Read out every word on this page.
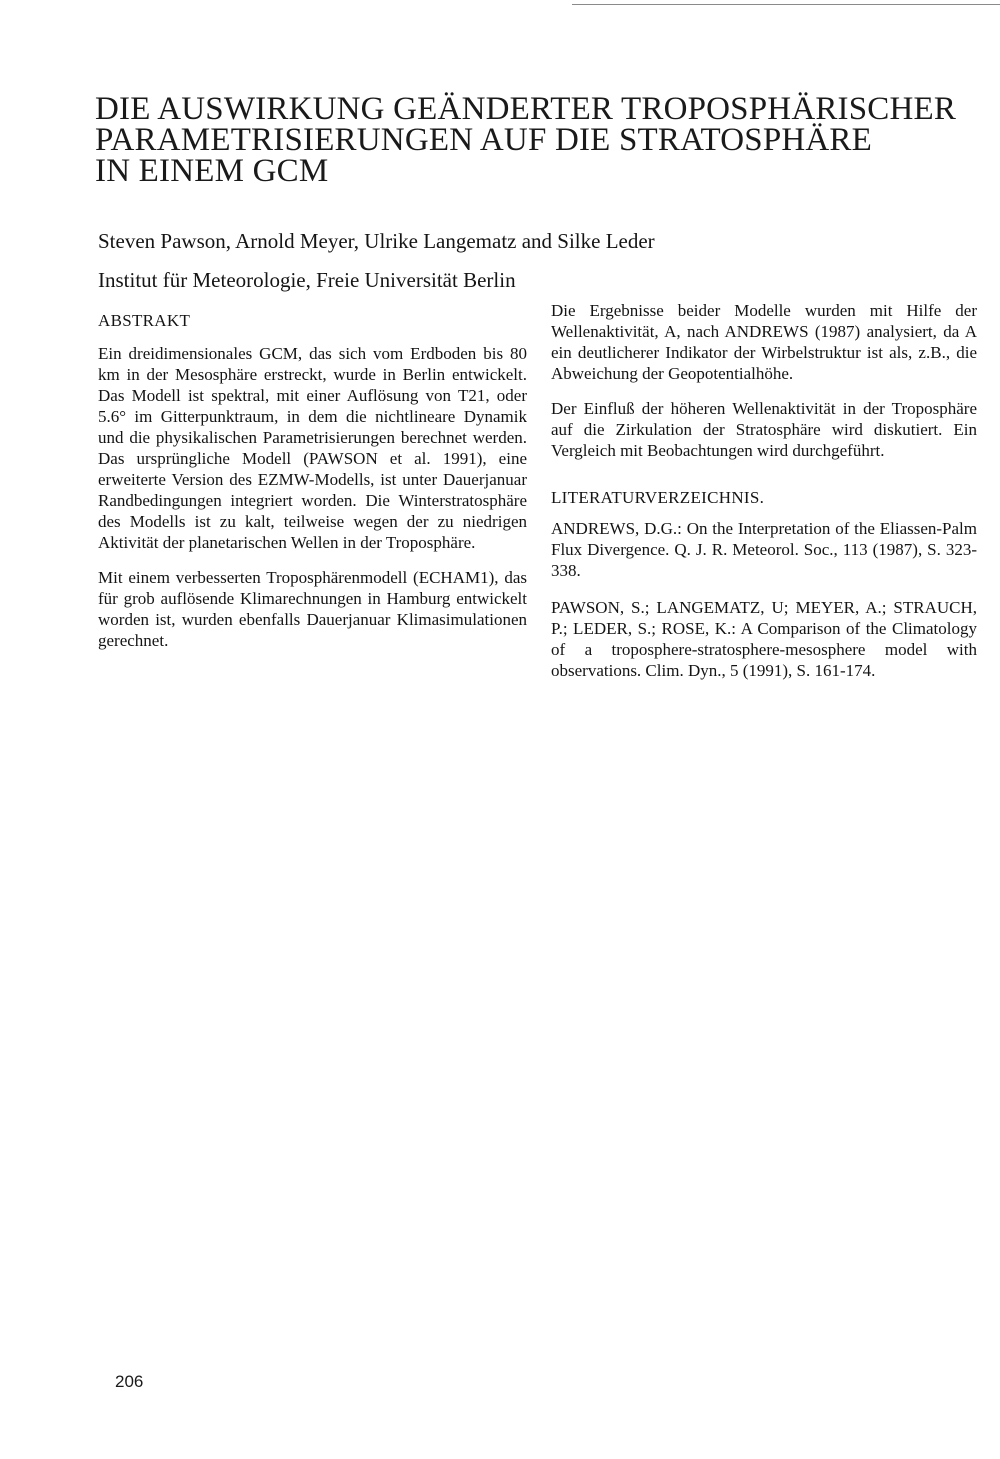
DIE AUSWIRKUNG GEÄNDERTER TROPOSPHÄRISCHER
PARAMETRISIERUNGEN AUF DIE STRATOSPHÄRE
IN EINEM GCM
Steven Pawson, Arnold Meyer, Ulrike Langematz and Silke Leder
Institut für Meteorologie, Freie Universität Berlin
ABSTRAKT

Ein dreidimensionales GCM, das sich vom Erdboden bis 80 km in der Mesosphäre erstreckt, wurde in Berlin entwickelt. Das Modell ist spektral, mit einer Auflösung von T21, oder 5.6° im Gitterpunktraum, in dem die nichtlineare Dynamik und die physikalischen Parametrisierungen berechnet werden. Das ursprüngliche Modell (PAWSON et al. 1991), eine erweiterte Version des EZMW-Modells, ist unter Dauerjanuar Randbedingungen integriert worden. Die Winterstratosphäre des Modells ist zu kalt, teilweise wegen der zu niedrigen Aktivität der planetarischen Wellen in der Troposphäre.

Mit einem verbesserten Troposphärenmodell (ECHAM1), das für grob auflösende Klimarechnungen in Hamburg entwickelt worden ist, wurden ebenfalls Dauerjanuar Klimasimulationen gerechnet.

Die Ergebnisse beider Modelle wurden mit Hilfe der Wellenaktivität, A, nach ANDREWS (1987) analysiert, da A ein deutlicherer Indikator der Wirbelstruktur ist als, z.B., die Abweichung der Geopotentialhöhe.

Der Einfluß der höheren Wellenaktivität in der Troposphäre auf die Zirkulation der Stratosphäre wird diskutiert. Ein Vergleich mit Beobachtungen wird durchgeführt.

LITERATURVERZEICHNIS.

ANDREWS, D.G.: On the Interpretation of the Eliassen-Palm Flux Divergence. Q. J. R. Meteorol. Soc., 113 (1987), S. 323-338.

PAWSON, S.; LANGEMATZ, U; MEYER, A.; STRAUCH, P.; LEDER, S.; ROSE, K.: A Comparison of the Climatology of a troposphere-stratosphere-mesosphere model with observations. Clim. Dyn., 5 (1991), S. 161-174.

206
